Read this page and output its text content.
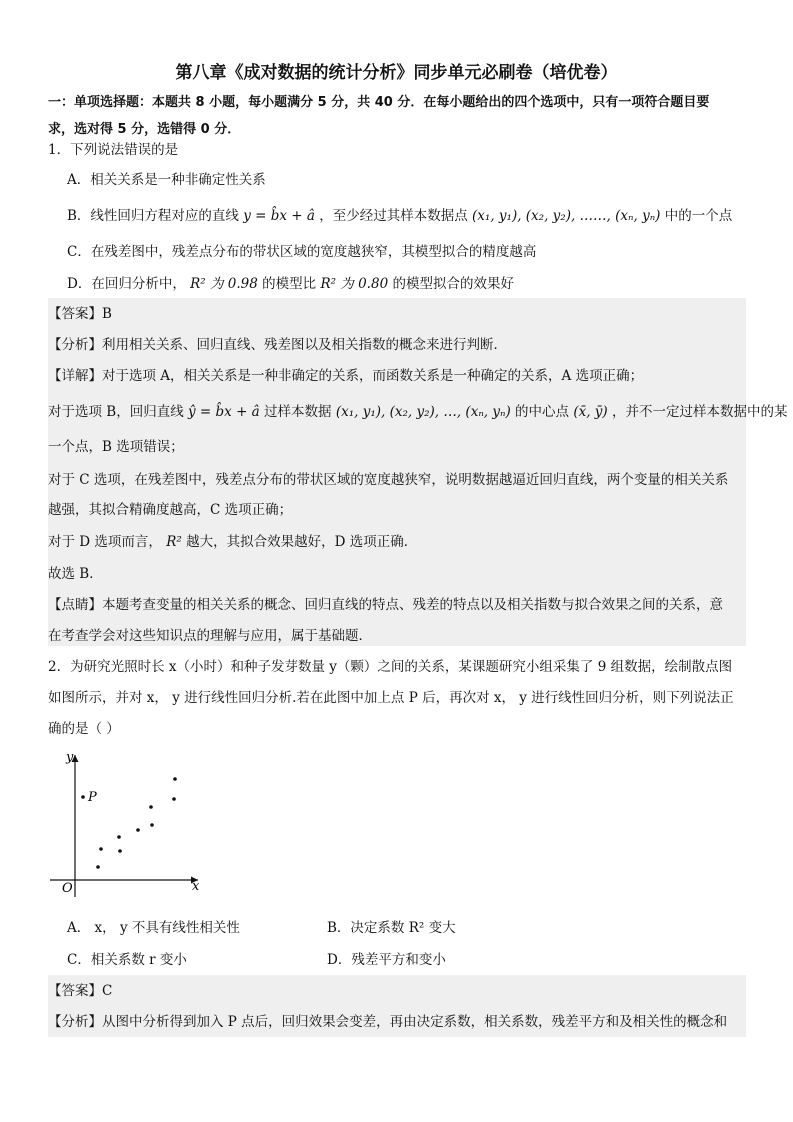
第八章《成对数据的统计分析》同步单元必刷卷（培优卷）
一：单项选择题：本题共 8 小题，每小题满分 5 分，共 40 分．在每小题给出的四个选项中，只有一项符合题目要
求，选对得 5 分，选错得 0 分．
1．下列说法错误的是
A．相关关系是一种非确定性关系
B．线性回归方程对应的直线 y = b̂x + â ，至少经过其样本数据点 (x₁, y₁), (x₂, y₂), ……, (xₙ, yₙ) 中的一个点
C．在残差图中，残差点分布的带状区域的宽度越狭窄，其模型拟合的精度越高
D．在回归分析中， R² 为 0.98 的模型比 R² 为 0.80 的模型拟合的效果好
【答案】B
【分析】利用相关关系、回归直线、残差图以及相关指数的概念来进行判断．
【详解】对于选项 A，相关关系是一种非确定的关系，而函数关系是一种确定的关系，A 选项正确；
对于选项 B，回归直线 ŷ = b̂x + â 过样本数据 (x₁, y₁), (x₂, y₂), …, (xₙ, yₙ) 的中心点 (x̄, ȳ) ，并不一定过样本数据中的某
一个点，B 选项错误；
对于 C 选项，在残差图中，残差点分布的带状区域的宽度越狭窄，说明数据越逼近回归直线，两个变量的相关关系
越强，其拟合精确度越高，C 选项正确；
对于 D 选项而言， R² 越大，其拟合效果越好，D 选项正确．
故选 B．
【点睛】本题考查变量的相关关系的概念、回归直线的特点、残差的特点以及相关指数与拟合效果之间的关系，意
在考查学会对这些知识点的理解与应用，属于基础题．
2．为研究光照时长 x（小时）和种子发芽数量 y（颗）之间的关系，某课题研究小组采集了 9 组数据，绘制散点图
如图所示，并对 x， y 进行线性回归分析.若在此图中加上点 P 后，再次对 x， y 进行线性回归分析，则下列说法正
确的是（ ）
y
x
O
P
A． x， y 不具有线性相关性	B．决定系数 R² 变大
C．相关系数 r 变小	D．残差平方和变小
【答案】C
【分析】从图中分析得到加入 P 点后，回归效果会变差，再由决定系数，相关系数，残差平方和及相关性的概念和
